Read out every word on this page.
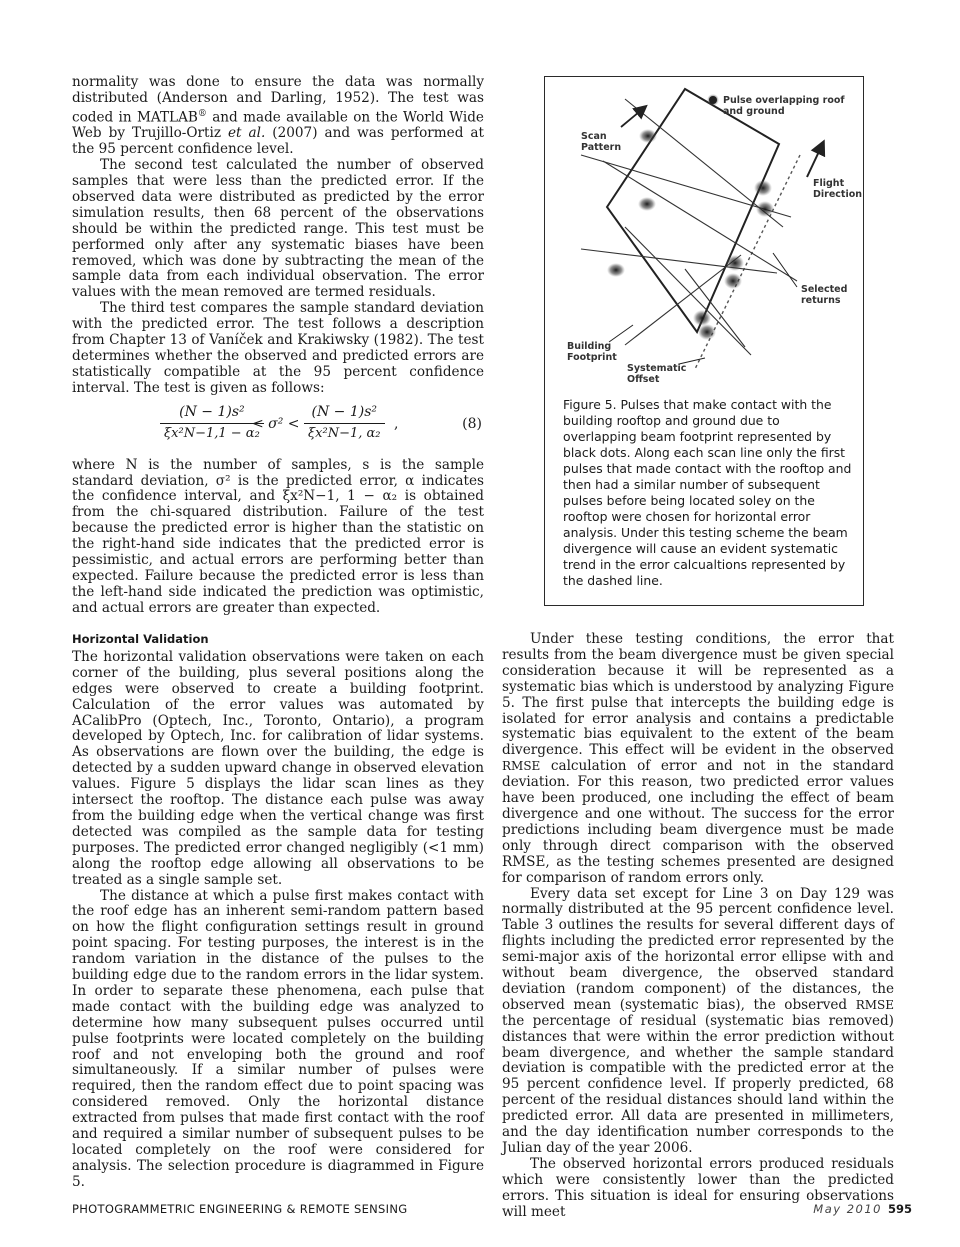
normality was done to ensure the data was normally distributed (Anderson and Darling, 1952). The test was coded in MATLAB® and made available on the World Wide Web by Trujillo-Ortiz et al. (2007) and was performed at the 95 percent confidence level.

The second test calculated the number of observed samples that were less than the predicted error. If the observed data were distributed as predicted by the error simulation results, then 68 percent of the observations should be within the predicted range. This test must be performed only after any systematic biases have been removed, which was done by subtracting the mean of the sample data from each individual observation. The error values with the mean removed are termed residuals.

The third test compares the sample standard deviation with the predicted error. The test follows a description from Chapter 13 of Vaníček and Krakiwsky (1982). The test determines whether the observed and predicted errors are statistically compatible at the 95 percent confidence interval. The test is given as follows:

$\frac{\text{(N − 1)s²}}{\text{ξx²N−1,1 − α₂}}$
< $\sigma^2 < \frac{\text{(N − 1)s²}}{\text{ξx²N−1, α₂}}$ ,	(8)

where N is the number of samples, s is the sample standard deviation, σ² is the predicted error, α indicates the confidence interval, and ξx²N−1, 1 − α₂ is obtained from the chi-squared distribution. Failure of the test because the predicted error is higher than the statistic on the right-hand side indicates that the predicted error is pessimistic, and actual errors are performing better than expected. Failure because the predicted error is less than the left-hand side indicated the prediction was optimistic, and actual errors are greater than expected.

Pulse overlapping roof
and ground
Scan
Pattern
Flight
Direction
Selected
returns
Building
Footprint
Systematic
Offset
Figure 5. Pulses that make contact with the building rooftop and ground due to overlapping beam footprint represented by black dots. Along each scan line only the first pulses that made contact with the rooftop and then had a similar number of subsequent pulses before being located soley on the rooftop were chosen for horizontal error analysis. Under this testing scheme the beam divergence will cause an evident systematic trend in the error calcualtions represented by the dashed line.
Horizontal Validation

The horizontal validation observations were taken on each corner of the building, plus several positions along the edges were observed to create a building footprint. Calculation of the error values was automated by ACalibPro (Optech, Inc., Toronto, Ontario), a program developed by Optech, Inc. for calibration of lidar systems. As observations are flown over the building, the edge is detected by a sudden upward change in observed elevation values. Figure 5 displays the lidar scan lines as they intersect the rooftop. The distance each pulse was away from the building edge when the vertical change was first detected was compiled as the sample data for testing purposes. The predicted error changed negligibly (<1 mm) along the rooftop edge allowing all observations to be treated as a single sample set.

The distance at which a pulse first makes contact with the roof edge has an inherent semi-random pattern based on how the flight configuration settings result in ground point spacing. For testing purposes, the interest is in the random variation in the distance of the pulses to the building edge due to the random errors in the lidar system. In order to separate these phenomena, each pulse that made contact with the building edge was analyzed to determine how many subsequent pulses occurred until pulse footprints were located completely on the building roof and not enveloping both the ground and roof simultaneously. If a similar number of pulses were required, then the random effect due to point spacing was considered removed. Only the horizontal distance extracted from pulses that made first contact with the roof and required a similar number of subsequent pulses to be located completely on the roof were considered for analysis. The selection procedure is diagrammed in Figure 5.

Under these testing conditions, the error that results from the beam divergence must be given special consideration because it will be represented as a systematic bias which is understood by analyzing Figure 5. The first pulse that intercepts the building edge is isolated for error analysis and contains a predictable systematic bias equivalent to the extent of the beam divergence. This effect will be evident in the observed RMSE calculation of error and not in the standard deviation. For this reason, two predicted error values have been produced, one including the effect of beam divergence and one without. The success for the error predictions including beam divergence must be made only through direct comparison with the observed RMSE, as the testing schemes presented are designed for comparison of random errors only.

Every data set except for Line 3 on Day 129 was normally distributed at the 95 percent confidence level. Table 3 outlines the results for several different days of flights including the predicted error represented by the semi-major axis of the horizontal error ellipse with and without beam divergence, the observed standard deviation (random component) of the distances, the observed mean (systematic bias), the observed RMSE the percentage of residual (systematic bias removed) distances that were within the error prediction without beam divergence, and whether the sample standard deviation is compatible with the predicted error at the 95 percent confidence level. If properly predicted, 68 percent of the residual distances should land within the predicted error. All data are presented in millimeters, and the day identification number corresponds to the Julian day of the year 2006.

The observed horizontal errors produced residuals which were consistently lower than the predicted errors. This situation is ideal for ensuring observations will meet

PHOTOGRAMMETRIC ENGINEERING & REMOTE SENSING	May 2010 595
